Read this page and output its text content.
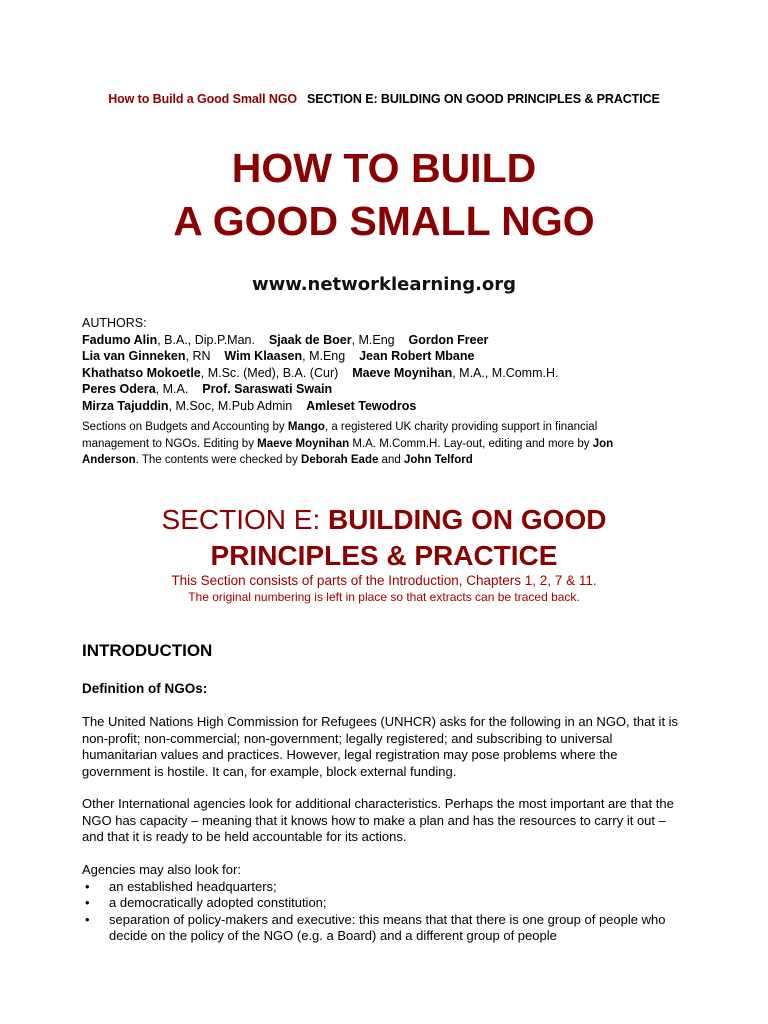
How to Build a Good Small NGO SECTION E: BUILDING ON GOOD PRINCIPLES & PRACTICE
HOW TO BUILD
A GOOD SMALL NGO
www.networklearning.org
AUTHORS:
Fadumo Alin, B.A., Dip.P.Man. Sjaak de Boer, M.Eng Gordon Freer
Lia van Ginneken, RN Wim Klaasen, M.Eng Jean Robert Mbane
Khathatso Mokoetle, M.Sc. (Med), B.A. (Cur) Maeve Moynihan, M.A., M.Comm.H.
Peres Odera, M.A. Prof. Saraswati Swain
Mirza Tajuddin, M.Soc, M.Pub Admin Amleset Tewodros
Sections on Budgets and Accounting by Mango, a registered UK charity providing support in financial management to NGOs. Editing by Maeve Moynihan M.A. M.Comm.H. Lay-out, editing and more by Jon Anderson. The contents were checked by Deborah Eade and John Telford
SECTION E: BUILDING ON GOOD
PRINCIPLES & PRACTICE
This Section consists of parts of the Introduction, Chapters 1, 2, 7 & 11.
The original numbering is left in place so that extracts can be traced back.
INTRODUCTION
Definition of NGOs:
The United Nations High Commission for Refugees (UNHCR) asks for the following in an NGO, that it is non-profit; non-commercial; non-government; legally registered; and subscribing to universal humanitarian values and practices. However, legal registration may pose problems where the government is hostile. It can, for example, block external funding.
Other International agencies look for additional characteristics. Perhaps the most important are that the NGO has capacity – meaning that it knows how to make a plan and has the resources to carry it out – and that it is ready to be held accountable for its actions.
Agencies may also look for:
• an established headquarters;
• a democratically adopted constitution;
• separation of policy-makers and executive: this means that that there is one group of people who decide on the policy of the NGO (e.g. a Board) and a different group of people
